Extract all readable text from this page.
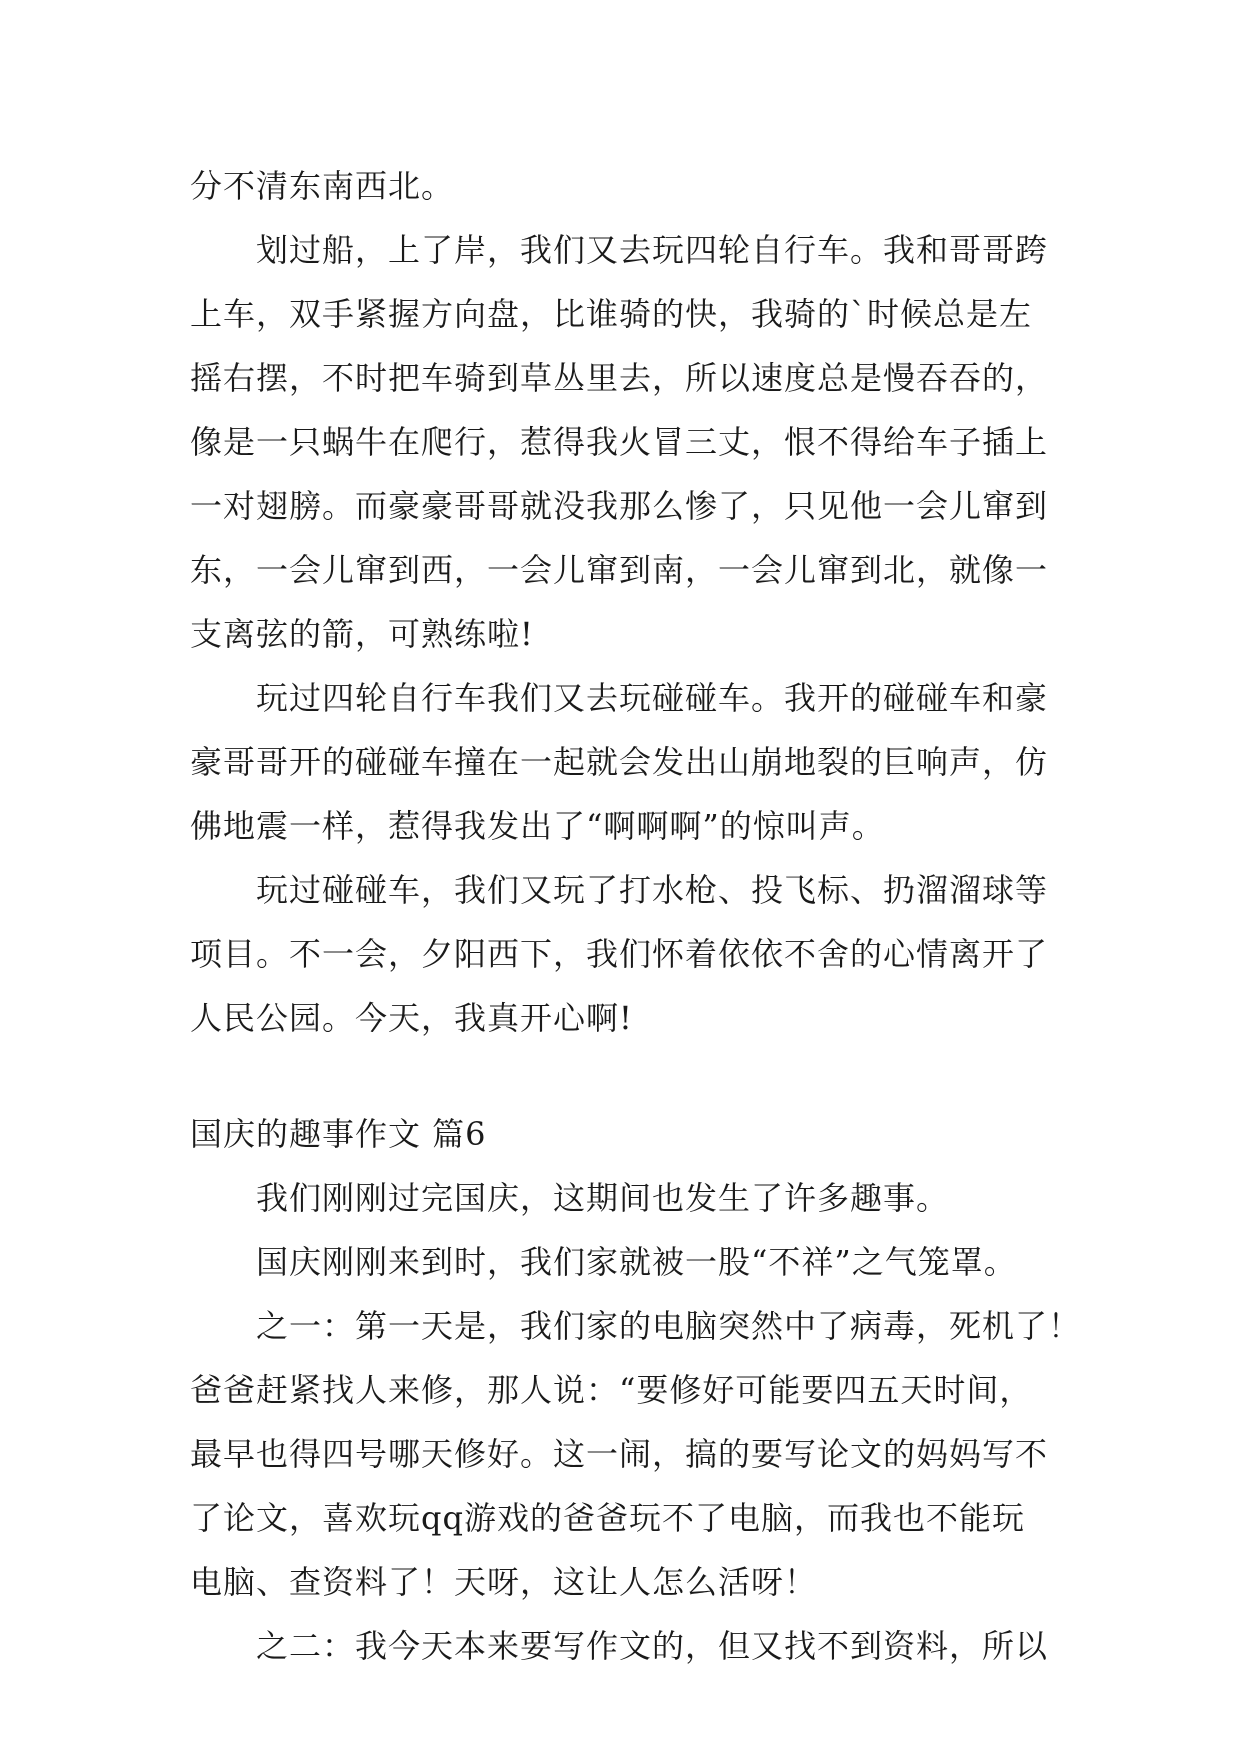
分不清东南西北。
划过船，上了岸，我们又去玩四轮自行车。我和哥哥跨
上车，双手紧握方向盘，比谁骑的快，我骑的`时候总是左
摇右摆，不时把车骑到草丛里去，所以速度总是慢吞吞的，
像是一只蜗牛在爬行，惹得我火冒三丈，恨不得给车子插上
一对翅膀。而豪豪哥哥就没我那么惨了，只见他一会儿窜到
东，一会儿窜到西，一会儿窜到南，一会儿窜到北，就像一
支离弦的箭，可熟练啦!
玩过四轮自行车我们又去玩碰碰车。我开的碰碰车和豪
豪哥哥开的碰碰车撞在一起就会发出山崩地裂的巨响声，仿
佛地震一样，惹得我发出了“啊啊啊”的惊叫声。
玩过碰碰车，我们又玩了打水枪、投飞标、扔溜溜球等
项目。不一会，夕阳西下，我们怀着依依不舍的心情离开了
人民公园。今天，我真开心啊!
国庆的趣事作文 篇6
我们刚刚过完国庆，这期间也发生了许多趣事。
国庆刚刚来到时，我们家就被一股“不祥”之气笼罩。
之一：第一天是，我们家的电脑突然中了病毒，死机了！
爸爸赶紧找人来修，那人说：“要修好可能要四五天时间，
最早也得四号哪天修好。这一闹，搞的要写论文的妈妈写不
了论文，喜欢玩qq游戏的爸爸玩不了电脑，而我也不能玩
电脑、查资料了！天呀，这让人怎么活呀！
之二：我今天本来要写作文的，但又找不到资料，所以
